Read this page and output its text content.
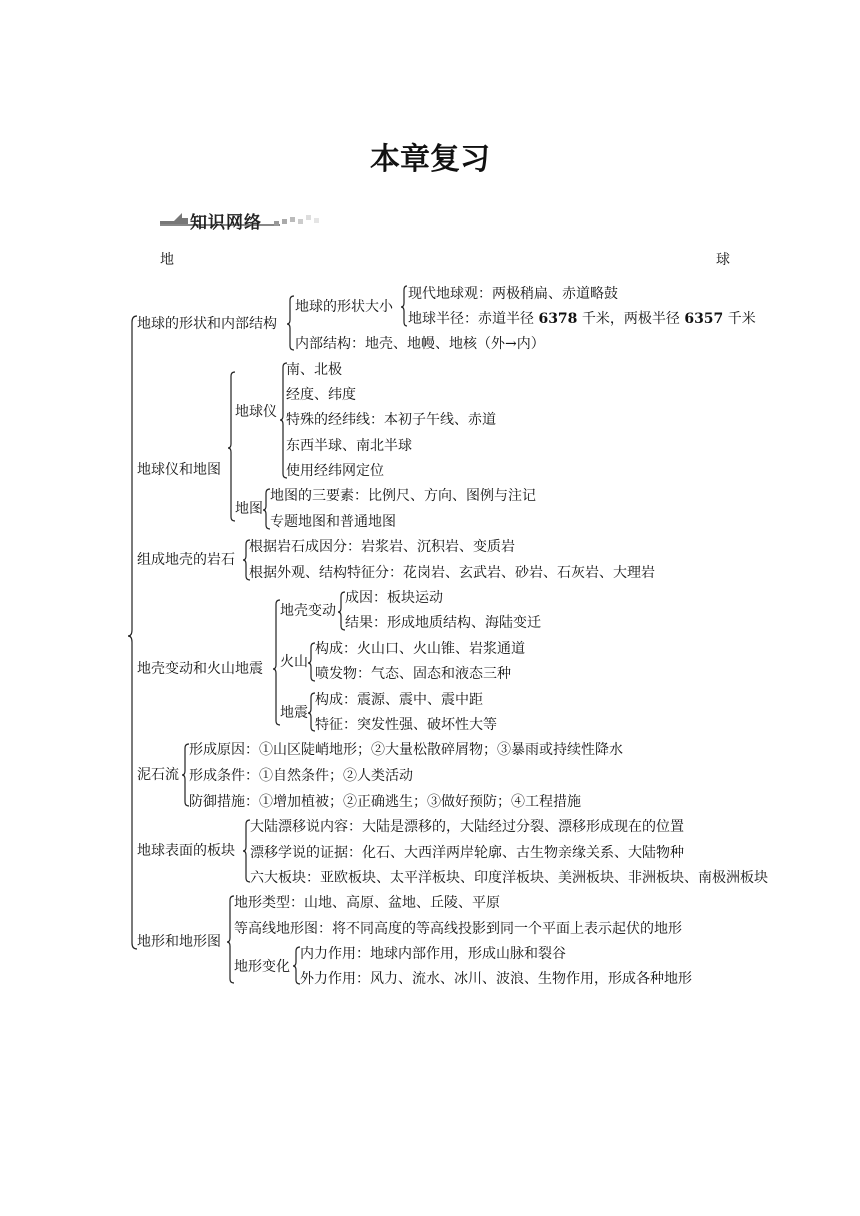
本章复习
知识网络
地	球
地球的形状和内部结构
地球的形状大小
现代地球观：两极稍扁、赤道略鼓
地球半径：赤道半径 6378 千米，两极半径 6357 千米
内部结构：地壳、地幔、地核（外→内）
地球仪和地图
地球仪
南、北极
经度、纬度
特殊的经纬线：本初子午线、赤道
东西半球、南北半球
使用经纬网定位
地图
地图的三要素：比例尺、方向、图例与注记
专题地图和普通地图
组成地壳的岩石
根据岩石成因分：岩浆岩、沉积岩、变质岩
根据外观、结构特征分：花岗岩、玄武岩、砂岩、石灰岩、大理岩
地壳变动和火山地震
地壳变动
成因：板块运动
结果：形成地质结构、海陆变迁
火山
构成：火山口、火山锥、岩浆通道
喷发物：气态、固态和液态三种
地震
构成：震源、震中、震中距
特征：突发性强、破坏性大等
泥石流
形成原因：①山区陡峭地形；②大量松散碎屑物；③暴雨或持续性降水
形成条件：①自然条件；②人类活动
防御措施：①增加植被；②正确逃生；③做好预防；④工程措施
地球表面的板块
大陆漂移说内容：大陆是漂移的，大陆经过分裂、漂移形成现在的位置
漂移学说的证据：化石、大西洋两岸轮廓、古生物亲缘关系、大陆物种
六大板块：亚欧板块、太平洋板块、印度洋板块、美洲板块、非洲板块、南极洲板块
地形和地形图
地形类型：山地、高原、盆地、丘陵、平原
等高线地形图：将不同高度的等高线投影到同一个平面上表示起伏的地形
地形变化
内力作用：地球内部作用，形成山脉和裂谷
外力作用：风力、流水、冰川、波浪、生物作用，形成各种地形
